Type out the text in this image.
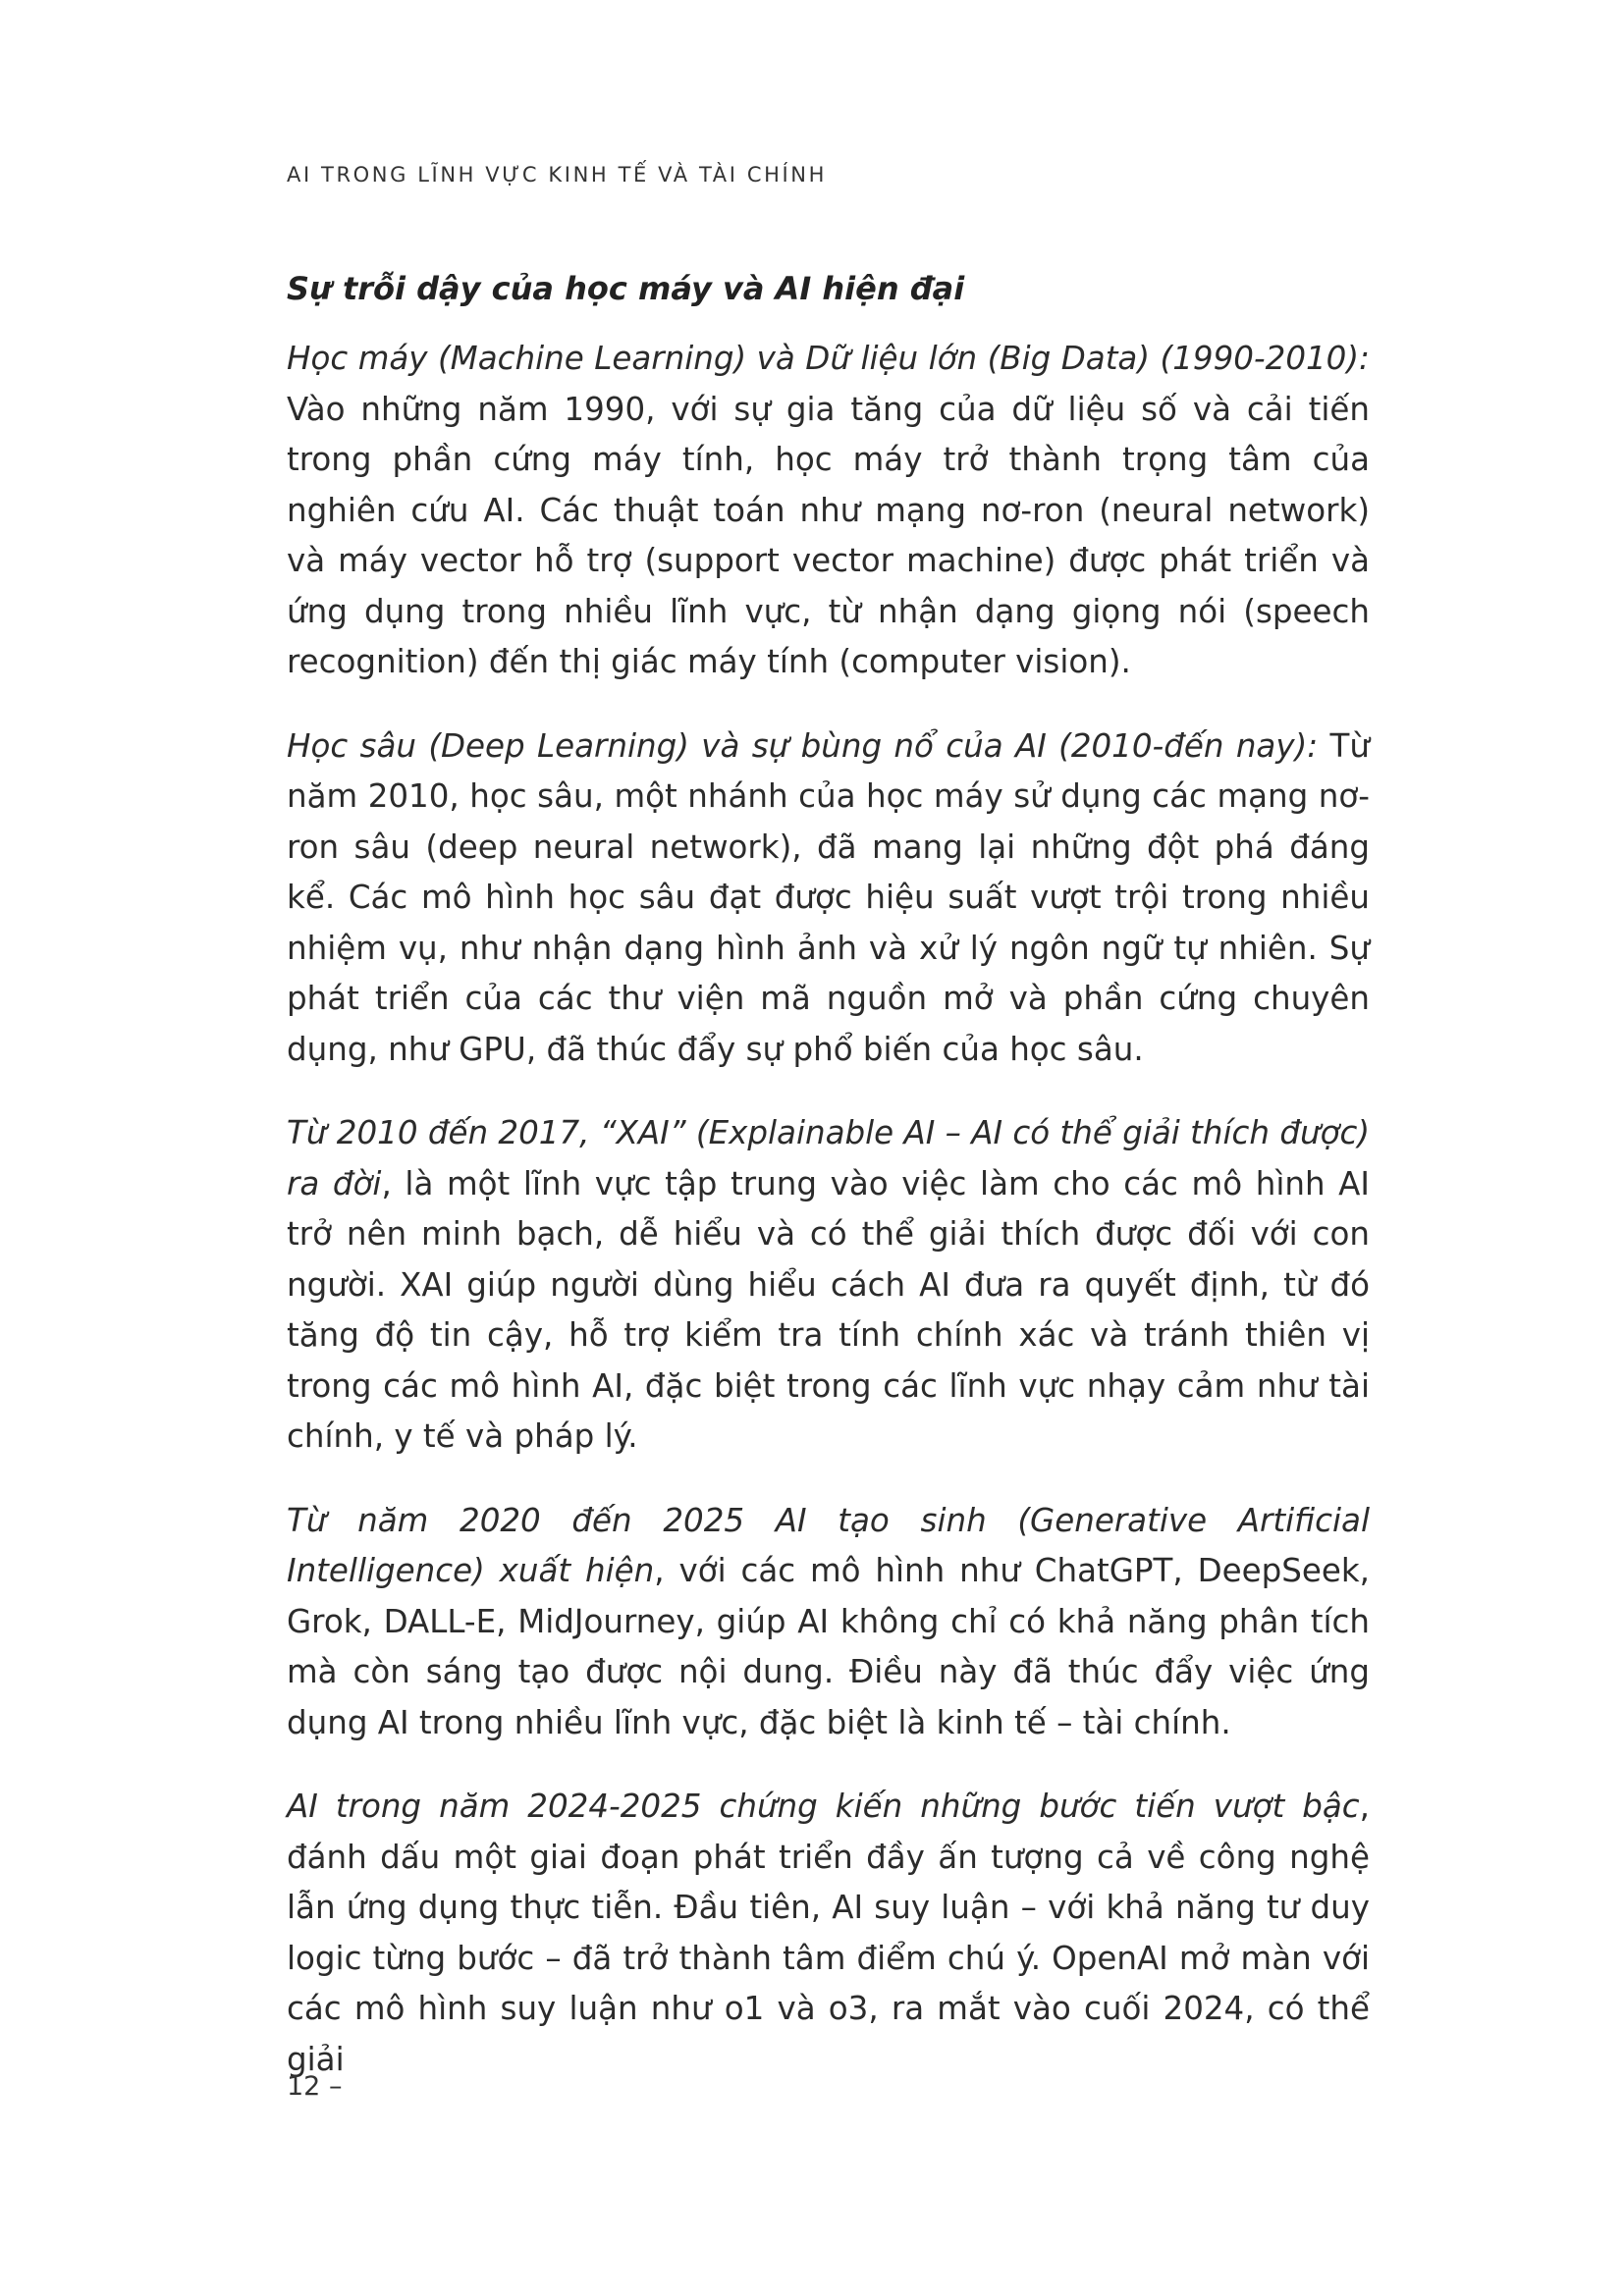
AI TRONG LĨNH VỰC KINH TẾ VÀ TÀI CHÍNH
Sự trỗi dậy của học máy và AI hiện đại

Học máy (Machine Learning) và Dữ liệu lớn (Big Data) (1990-2010): Vào những năm 1990, với sự gia tăng của dữ liệu số và cải tiến trong phần cứng máy tính, học máy trở thành trọng tâm của nghiên cứu AI. Các thuật toán như mạng nơ-ron (neural network) và máy vector hỗ trợ (support vector machine) được phát triển và ứng dụng trong nhiều lĩnh vực, từ nhận dạng giọng nói (speech recognition) đến thị giác máy tính (computer vision).

Học sâu (Deep Learning) và sự bùng nổ của AI (2010-đến nay): Từ năm 2010, học sâu, một nhánh của học máy sử dụng các mạng nơ-ron sâu (deep neural network), đã mang lại những đột phá đáng kể. Các mô hình học sâu đạt được hiệu suất vượt trội trong nhiều nhiệm vụ, như nhận dạng hình ảnh và xử lý ngôn ngữ tự nhiên. Sự phát triển của các thư viện mã nguồn mở và phần cứng chuyên dụng, như GPU, đã thúc đẩy sự phổ biến của học sâu.

Từ 2010 đến 2017, “XAI” (Explainable AI – AI có thể giải thích được) ra đời, là một lĩnh vực tập trung vào việc làm cho các mô hình AI trở nên minh bạch, dễ hiểu và có thể giải thích được đối với con người. XAI giúp người dùng hiểu cách AI đưa ra quyết định, từ đó tăng độ tin cậy, hỗ trợ kiểm tra tính chính xác và tránh thiên vị trong các mô hình AI, đặc biệt trong các lĩnh vực nhạy cảm như tài chính, y tế và pháp lý.

Từ năm 2020 đến 2025 AI tạo sinh (Generative Artificial Intelligence) xuất hiện, với các mô hình như ChatGPT, DeepSeek, Grok, DALL-E, MidJourney, giúp AI không chỉ có khả năng phân tích mà còn sáng tạo được nội dung. Điều này đã thúc đẩy việc ứng dụng AI trong nhiều lĩnh vực, đặc biệt là kinh tế – tài chính.

AI trong năm 2024-2025 chứng kiến những bước tiến vượt bậc, đánh dấu một giai đoạn phát triển đầy ấn tượng cả về công nghệ lẫn ứng dụng thực tiễn. Đầu tiên, AI suy luận – với khả năng tư duy logic từng bước – đã trở thành tâm điểm chú ý. OpenAI mở màn với các mô hình suy luận như o1 và o3, ra mắt vào cuối 2024, có thể giải

12 –
